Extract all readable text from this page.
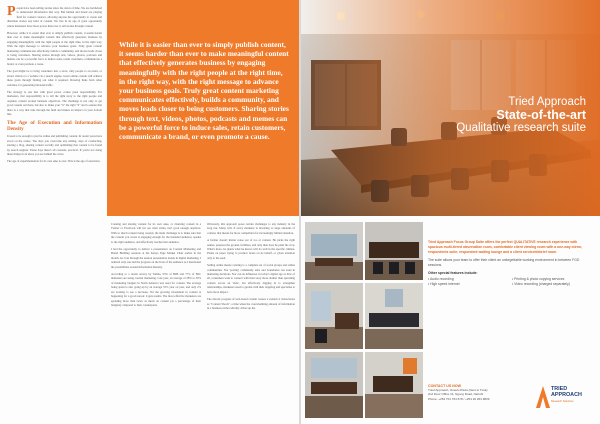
People have been telling stories since the dawn of time. We are hardwired to understand information that way. But human and brand are playing field for content creators, allowing anyone the opportunity to create and distribute stories any kind of content. We live in an age of great opportunity where marketers have more power than ever to tell stories through content.

However, while it is easier than ever to simply publish content, it seems harder than ever to make meaningful content that effectively generates business by engaging meaningfully with the right people at the right time, in the right way. With the right message to advance your business goals. Truly great content marketing communicates effectively, builds a community, and moves leads closer to being customers. Sharing stories through text, videos, photos, podcasts and memes can be a powerful force to induce sales, retain customers, communicate a brand, or even promote a cause.

The goal might be to bring customers into a store, rally people to an event, or attract visitors to a website via a search engine. Great online content will achieve these goals through finding out what it required. Drawing links from other websites, for generating inbound traffic.

The strategy is one that with great power comes great responsibility. For marketers, that responsibility is to tell the right story to the right people and organize content around business objectives. The challenge is not only to get good content out there, but also to make your "it" the right "it" and to ensure that there is a way that runs through the field and makes an impact on your bottom line.

The Age of Execution and Information Density

It used to be enough to just be online and publishing content. In recent years have stood on the centre. The days you overcome any editing, days of conducting, starting a blog, sharing content socially and optimizing that content to be found by search engines. These days there's all constant, practical. If you're not doing these things in an ideal, you are behind the curve.

The age of experimentation for its own sake is over. This is the age of execution.

While it is easier than ever to simply publish content, it seems harder than ever to make meaningful content that effectively generates business by engaging meaningfully with the right people at the right time, in the right way, with the right message to advance your business goals. Truly great content marketing communicates effectively, builds a community, and moves leads closer to being customers. Sharing stories through text, videos, photos, podcasts and memes can be a powerful force to induce sales, retain customers, communicate a brand, or even promote a cause.

Creating and sharing content for its own sake, or churning content in a Twitter or Facebook will not see what sticks, isn't good enough anymore. With so much content being created, the main challenge is to make sure that the content you create is engaging enough for the intended audience, speaks to the right audience, and effectively reaches that audience.

I had the opportunity to deliver a presentation on Content Marketing and Brand Building sessions at the Kenya Page Market Chair earlier in the month. As I ran through the session presentation trends in digital marketing, I realized only one and the progress on the front of the audience as I mentioned the possibilities around Information Density.

According to a recent survey by Tamba, 93% of B2B and 77% of B2C marketers are using content marketing. Last year, an average of 28% to 30% of marketing budgets in North America was used for content. The average being spent is also going up by an average 55% year on year, and only 2% are looking to see a decrease. Yet the growing investment in content is happening for a good reason: it gets results. The most effective marketers are spending more than twice as much on content (as a percentage of their budgets) compared to their counterparts.

Obviously, this approach poses certain challenges to any industry in the long run. Many will, if every marketer is investing so large amounts of content, that means far more competition for increasingly limited attention.

A former doesn't matter noise out of too at content. He picks the right names, prepares the ground, fertilises, and only then does he plant his crop. What's more, he plants what he knows will do well in the specific climate. Plants on paper trying to produce hours on its behalf, or given attention only to the seed.

Selling online means catering to a complete set of social groups and online communities. Nor 'posting' community silos and boundaries can exist in marketing decisions. Nor can an influencer in today's digital age as Pew of all, consumers want to connect with their story more. Rather than spreading content across an 'aisle', but effectively digging in to strengthen relationships, marketers need to garden with their targeting and specialise to have more impact.

The chaotic progress of web-based content creates a scenario I characterize as "Content Shock", a time when the overwhelming amount of information in a business niche radically drives up the

Tried Approach
State-of-the-art
Qualitative research suite
Tried Approach Focus Group Suite offers the perfect QUALITATIVE research experience with spacious multi-tiered observation room, comfortable client viewing room with a one-way mirror, respondents suite, respondent waiting lounge and a client service/debrief room.
The suite allows your team to offer their client an unforgettable working environment in between FGD sessions.
Other special features include:
• Audio recording	• Printing & photo copying services
• High speed internet	• Video recording (charged separately)
CONTACT US NOW
Tried Approach, Ouselu Plaza (Next to Tusky
2nd Floor Office 14, Ngong Road, Nairobi
Phone: +254 701 764 678 / +254 20 263 9839
TRIED
APPROACH
Research Solutions
